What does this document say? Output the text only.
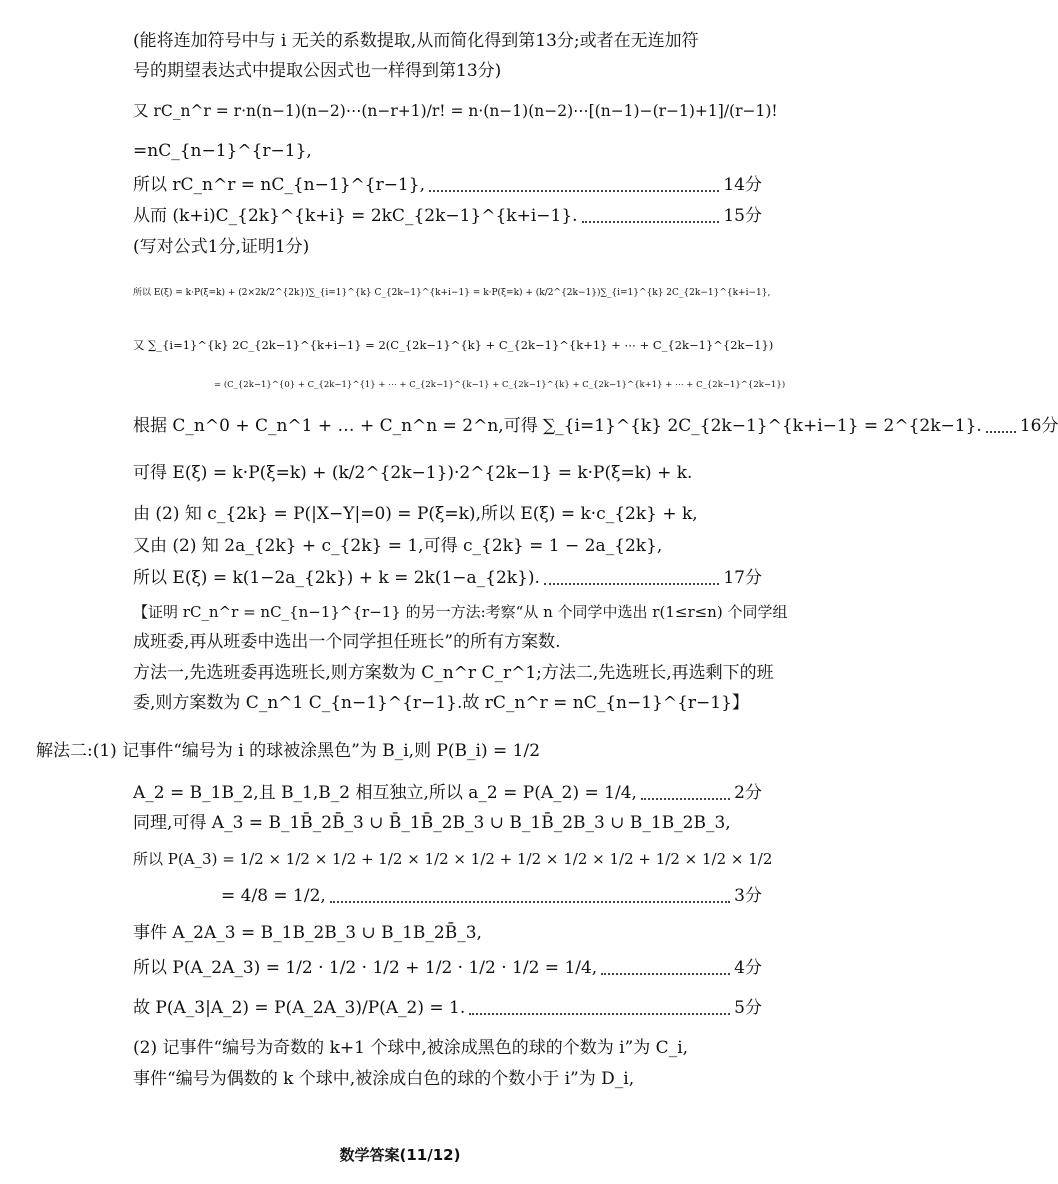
(能将连加符号中与 i 无关的系数提取,从而简化得到第13分;或者在无连加符
号的期望表达式中提取公因式也一样得到第13分)
又 rC_n^r = r·n(n−1)(n−2)⋯(n−r+1)/r! = n·(n−1)(n−2)⋯[(n−1)−(r−1)+1]/(r−1)!
=nC_{n−1}^{r−1},
所以 rC_n^r = nC_{n−1}^{r−1},	14分
从而 (k+i)C_{2k}^{k+i} = 2kC_{2k−1}^{k+i−1}.	15分
(写对公式1分,证明1分)
所以 E(ξ) = k·P(ξ=k) + (2×2k/2^{2k})∑_{i=1}^{k} C_{2k−1}^{k+i−1} = k·P(ξ=k) + (k/2^{2k−1})∑_{i=1}^{k} 2C_{2k−1}^{k+i−1},
又 ∑_{i=1}^{k} 2C_{2k−1}^{k+i−1} = 2(C_{2k−1}^{k} + C_{2k−1}^{k+1} + ⋯ + C_{2k−1}^{2k−1})
= (C_{2k−1}^{0} + C_{2k−1}^{1} + ⋯ + C_{2k−1}^{k−1} + C_{2k−1}^{k} + C_{2k−1}^{k+1} + ⋯ + C_{2k−1}^{2k−1})
根据 C_n^0 + C_n^1 + … + C_n^n = 2^n,可得 ∑_{i=1}^{k} 2C_{2k−1}^{k+i−1} = 2^{2k−1}. 16分
可得 E(ξ) = k·P(ξ=k) + (k/2^{2k−1})·2^{2k−1} = k·P(ξ=k) + k.
由 (2) 知 c_{2k} = P(|X−Y|=0) = P(ξ=k),所以 E(ξ) = k·c_{2k} + k,
又由 (2) 知 2a_{2k} + c_{2k} = 1,可得 c_{2k} = 1 − 2a_{2k},
所以 E(ξ) = k(1−2a_{2k}) + k = 2k(1−a_{2k}).	17分
【证明 rC_n^r = nC_{n−1}^{r−1} 的另一方法:考察“从 n 个同学中选出 r(1≤r≤n) 个同学组
成班委,再从班委中选出一个同学担任班长”的所有方案数.
方法一,先选班委再选班长,则方案数为 C_n^r C_r^1;方法二,先选班长,再选剩下的班
委,则方案数为 C_n^1 C_{n−1}^{r−1}.故 rC_n^r = nC_{n−1}^{r−1}】
解法二:(1) 记事件“编号为 i 的球被涂黑色”为 B_i,则 P(B_i) = 1/2
A_2 = B_1B_2,且 B_1,B_2 相互独立,所以 a_2 = P(A_2) = 1/4,	2分
同理,可得 A_3 = B_1B̄_2B̄_3 ∪ B̄_1B̄_2B_3 ∪ B_1B̄_2B_3 ∪ B_1B_2B_3,
所以 P(A_3) = 1/2 × 1/2 × 1/2 + 1/2 × 1/2 × 1/2 + 1/2 × 1/2 × 1/2 + 1/2 × 1/2 × 1/2
= 4/8 = 1/2,	3分
事件 A_2A_3 = B_1B_2B_3 ∪ B_1B_2B̄_3,
所以 P(A_2A_3) = 1/2 · 1/2 · 1/2 + 1/2 · 1/2 · 1/2 = 1/4,	4分
故 P(A_3|A_2) = P(A_2A_3)/P(A_2) = 1.	5分
(2) 记事件“编号为奇数的 k+1 个球中,被涂成黑色的球的个数为 i”为 C_i,
事件“编号为偶数的 k 个球中,被涂成白色的球的个数小于 i”为 D_i,
数学答案(11/12)
